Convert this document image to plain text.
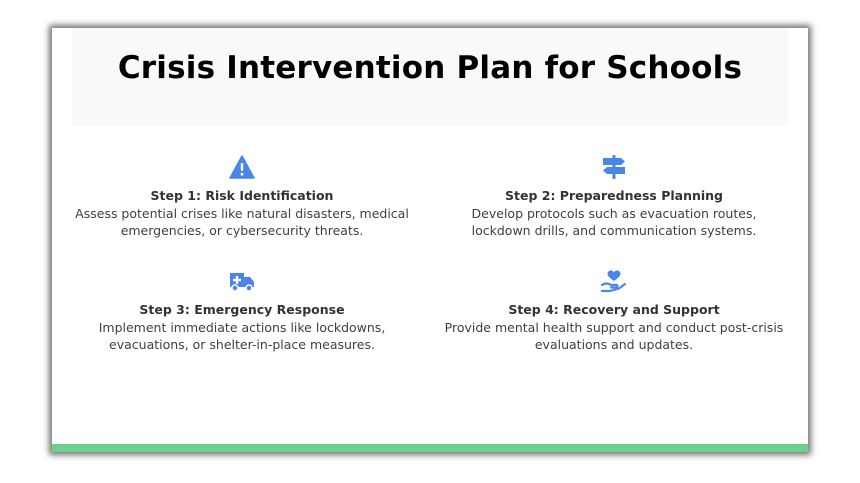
Crisis Intervention Plan for Schools
Step 1: Risk Identification
Assess potential crises like natural disasters, medical
emergencies, or cybersecurity threats.
Step 2: Preparedness Planning
Develop protocols such as evacuation routes,
lockdown drills, and communication systems.
Step 3: Emergency Response
Implement immediate actions like lockdowns,
evacuations, or shelter-in-place measures.
Step 4: Recovery and Support
Provide mental health support and conduct post-crisis
evaluations and updates.
